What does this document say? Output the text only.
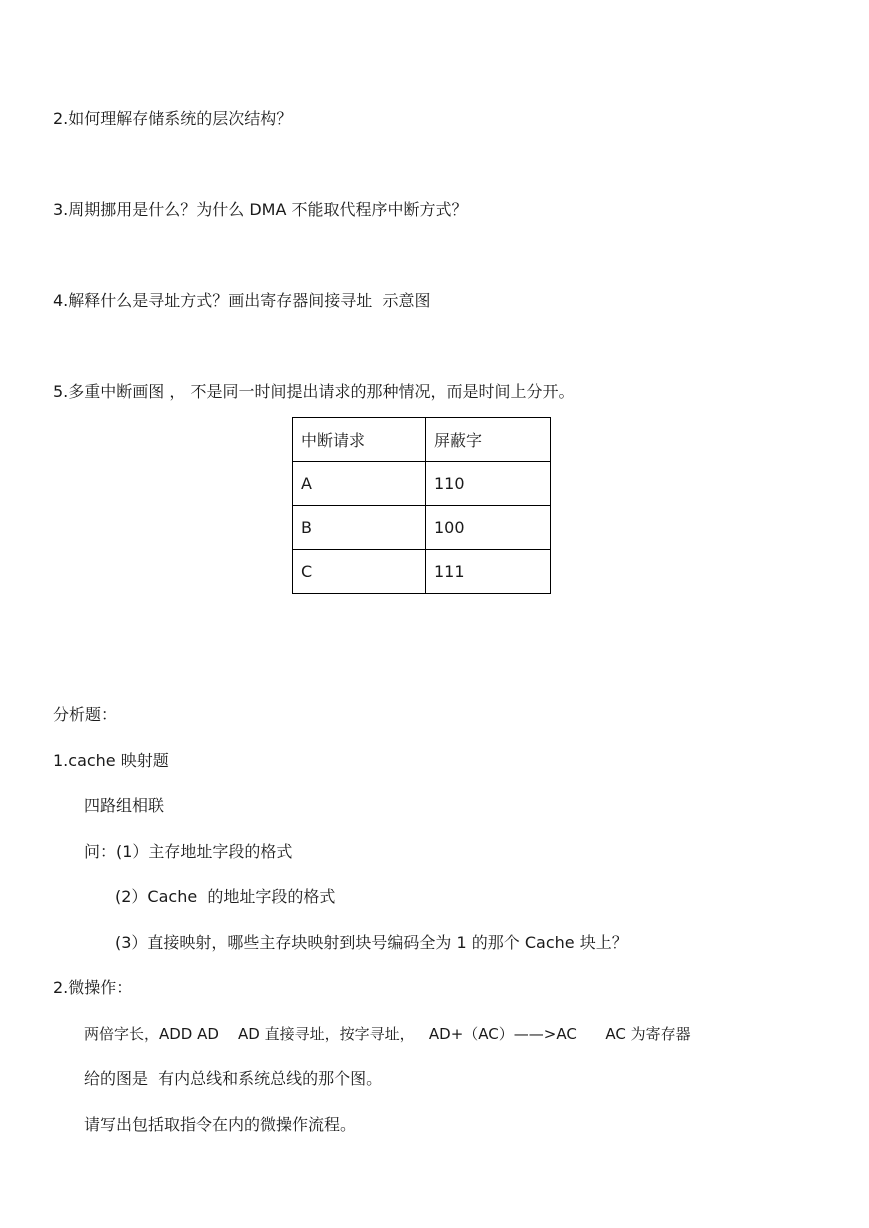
2.如何理解存储系统的层次结构？
3.周期挪用是什么？为什么 DMA 不能取代程序中断方式？
4.解释什么是寻址方式？画出寄存器间接寻址  示意图
5.多重中断画图 ， 不是同一时间提出请求的那种情况，而是时间上分开。
中断请求	屏蔽字
A	110
B	100
C	111
分析题：
1.cache 映射题
四路组相联
问：(1）主存地址字段的格式
(2）Cache  的地址字段的格式
(3）直接映射，哪些主存块映射到块号编码全为 1 的那个 Cache 块上？
2.微操作：
两倍字长，ADD AD    AD 直接寻址，按字寻址，   AD+（AC）——>AC      AC 为寄存器
给的图是  有内总线和系统总线的那个图。
请写出包括取指令在内的微操作流程。
